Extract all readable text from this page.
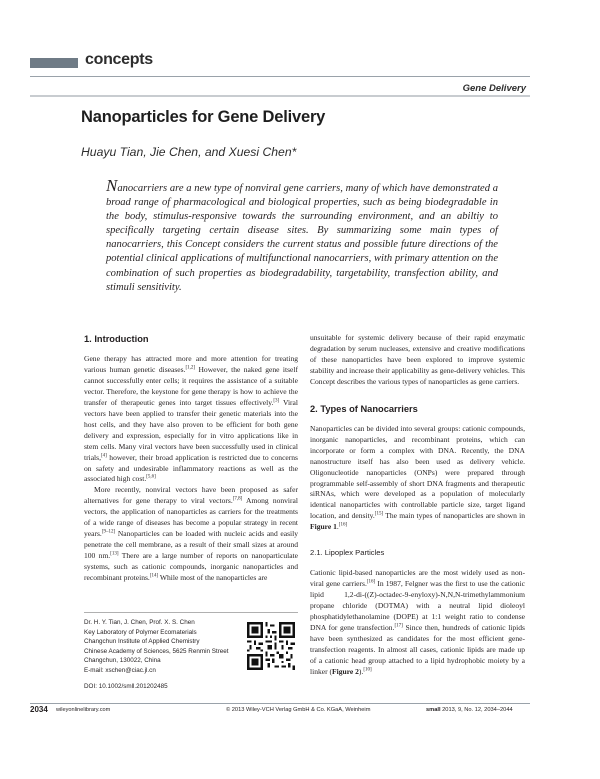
concepts
Gene Delivery
Nanoparticles for Gene Delivery
Huayu Tian, Jie Chen, and Xuesi Chen*
Nanocarriers are a new type of nonviral gene carriers, many of which have demonstrated a broad range of pharmacological and biological properties, such as being biodegradable in the body, stimulus-responsive towards the surrounding environment, and an abiltiy to specifically targeting certain disease sites. By summarizing some main types of nanocarriers, this Concept considers the current status and possible future directions of the potential clinical applications of multifunctional nanocarriers, with primary attention on the combination of such properties as biodegradability, targetability, transfection ability, and stimuli sensitivity.
1. Introduction

Gene therapy has attracted more and more attention for treating various human genetic diseases.[1,2] However, the naked gene itself cannot successfully enter cells; it requires the assistance of a suitable vector. Therefore, the keystone for gene therapy is how to achieve the transfer of therapeutic genes into target tissues effectively.[3] Viral vectors have been applied to transfer their genetic materials into the host cells, and they have also proven to be efficient for both gene delivery and expression, especially for in vitro applications like in stem cells. Many viral vectors have been successfully used in clinical trials,[4] however, their broad application is restricted due to concerns on safety and undesirable inflammatory reactions as well as the associated high cost.[5,6]

More recently, nonviral vectors have been proposed as safer alternatives for gene therapy to viral vectors.[7,8] Among nonviral vectors, the application of nanoparticles as carriers for the treatments of a wide range of diseases has become a popular strategy in recent years.[9–12] Nanoparticles can be loaded with nucleic acids and easily penetrate the cell membrane, as a result of their small sizes at around 100 nm.[13] There are a large number of reports on nanoparticulate systems, such as cationic compounds, inorganic nanoparticles and recombinant proteins.[14] While most of the nanoparticles are

unsuitable for systemic delivery because of their rapid enzymatic degradation by serum nucleases, extensive and creative modifications of these nanoparticles have been explored to improve systemic stability and increase their applicability as gene-delivery vehicles. This Concept describes the various types of nanoparticles as gene carriers.

2. Types of Nanocarriers

Nanoparticles can be divided into several groups: cationic compounds, inorganic nanoparticles, and recombinant proteins, which can incorporate or form a complex with DNA. Recently, the DNA nanostructure itself has also been used as delivery vehicle. Oligonucleotide nanoparticles (ONPs) were prepared through programmable self-assembly of short DNA fragments and therapeutic siRNAs, which were developed as a population of molecularly identical nanoparticles with controllable particle size, target ligand location, and density.[15] The main types of nanoparticles are shown in Figure 1.[16]

2.1. Lipoplex Particles

Cationic lipid-based nanoparticles are the most widely used as non-viral gene carriers.[16] In 1987, Felgner was the first to use the cationic lipid 1,2-di-((Z)-octadec-9-enyloxy)-N,N,N-trimethylammonium propane chloride (DOTMA) with a neutral lipid dioleoyl phosphatidylethanolamine (DOPE) at 1:1 weight ratio to condense DNA for gene transfection.[17] Since then, hundreds of cationic lipids have been synthesized as candidates for the most efficient gene-transfection reagents. In almost all cases, cationic lipids are made up of a cationic head group attached to a lipid hydrophobic moiety by a linker (Figure 2).[10]

Dr. H. Y. Tian, J. Chen, Prof. X. S. Chen
Key Laboratory of Polymer Ecomaterials
Changchun Institute of Applied Chemistry
Chinese Academy of Sciences, 5625 Renmin Street
Changchun, 130022, China
E-mail: xschen@ciac.jl.cn
DOI: 10.1002/smll.201202485
2034 wileyonlinelibrary.com	© 2013 Wiley-VCH Verlag GmbH & Co. KGaA, Weinheim	small 2013, 9, No. 12, 2034–2044
